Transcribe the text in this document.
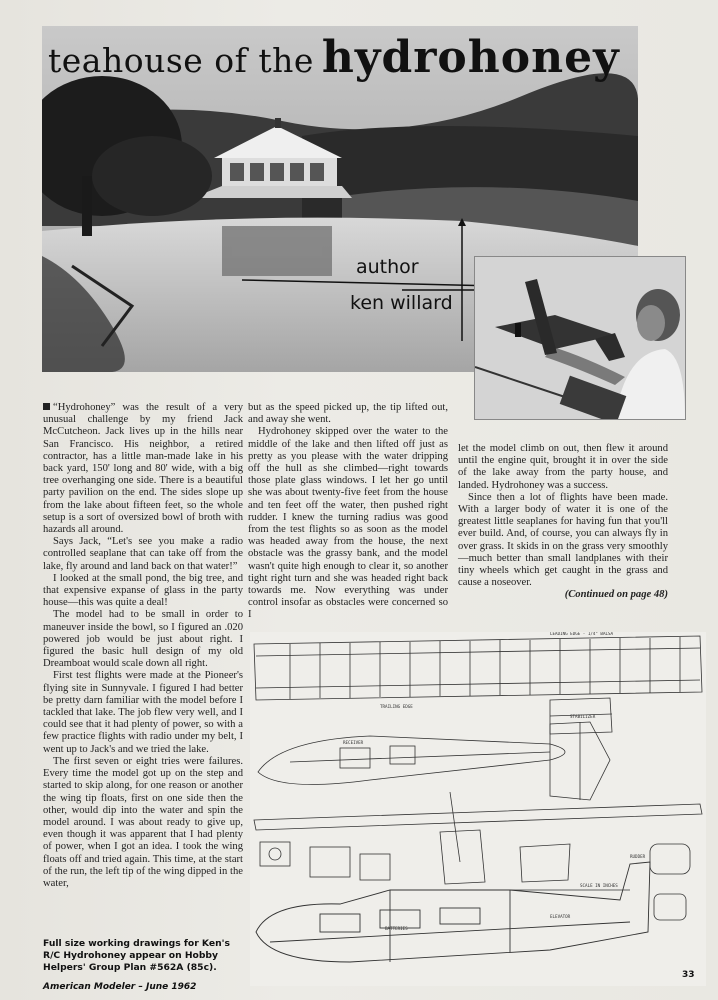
teahouse of the hydrohoney
author
ken willard

“Hydrohoney” was the result of a very unusual challenge by my friend Jack McCutcheon. Jack lives up in the hills near San Francisco. His neighbor, a retired contractor, has a little man-made lake in his back yard, 150' long and 80' wide, with a big tree overhanging one side. There is a beautiful party pavilion on the end. The sides slope up from the lake about fifteen feet, so the whole setup is a sort of oversized bowl of broth with hazards all around.

Says Jack, “Let's see you make a radio controlled seaplane that can take off from the lake, fly around and land back on that water!”

I looked at the small pond, the big tree, and that expensive expanse of glass in the party house—this was quite a deal!

The model had to be small in order to maneuver inside the bowl, so I figured an .020 powered job would be just about right. I figured the basic hull design of my old Dreamboat would scale down all right.

First test flights were made at the Pioneer's flying site in Sunnyvale. I figured I had better be pretty darn familiar with the model before I tackled that lake. The job flew very well, and I could see that it had plenty of power, so with a few practice flights with radio under my belt, I went up to Jack's and we tried the lake.

The first seven or eight tries were failures. Every time the model got up on the step and started to skip along, for one reason or another the wing tip floats, first on one side then the other, would dip into the water and spin the model around. I was about ready to give up, even though it was apparent that I had plenty of power, when I got an idea. I took the wing floats off and tried again. This time, at the start of the run, the left tip of the wing dipped in the water,

but as the speed picked up, the tip lifted out, and away she went.

Hydrohoney skipped over the water to the middle of the lake and then lifted off just as pretty as you please with the water dripping off the hull as she climbed—right towards those plate glass windows. I let her go until she was about twenty-five feet from the house and ten feet off the water, then pushed right rudder. I knew the turning radius was good from the test flights so as soon as the model was headed away from the house, the next obstacle was the grassy bank, and the model wasn't quite high enough to clear it, so another tight right turn and she was headed right back towards me. Now everything was under control insofar as obstacles were concerned so I

let the model climb on out, then flew it around until the engine quit, brought it in over the side of the lake away from the party house, and landed. Hydrohoney was a success.

Since then a lot of flights have been made. With a larger body of water it is one of the greatest little seaplanes for having fun that you'll ever build. And, of course, you can always fly in over grass. It skids in on the grass very smoothly—much better than small landplanes with their tiny wheels which get caught in the grass and cause a noseover.

(Continued on page 48)

LEADING EDGE - 1/4" BALSA
TRAILING EDGE
RECEIVER
STABILIZER
SCALE IN INCHES
BATTERIES
ELEVATOR
RUDDER
Full size working drawings for Ken's R/C Hydrohoney appear on Hobby Helpers' Group Plan #562A (85c).
American Modeler – June 1962
33
